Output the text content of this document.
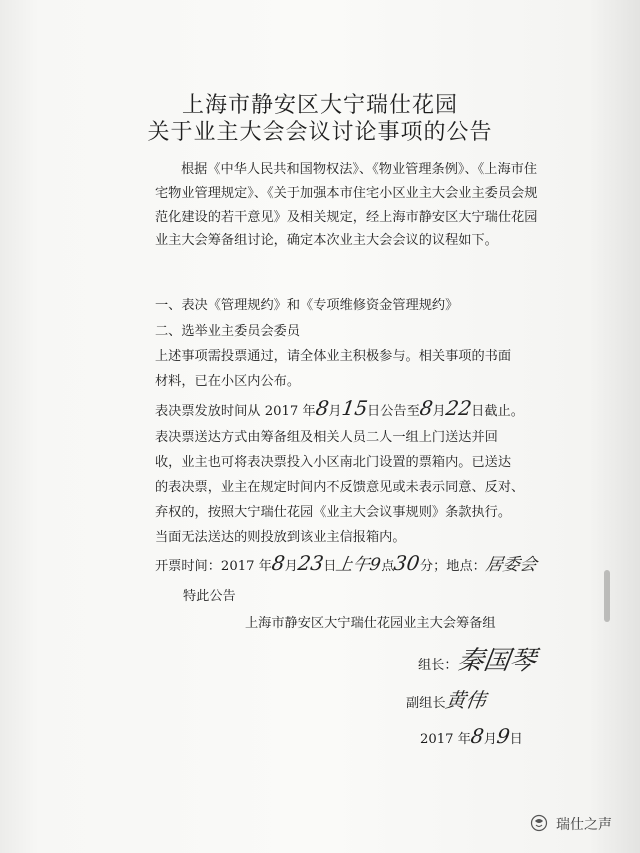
上海市静安区大宁瑞仕花园
关于业主大会会议讨论事项的公告
根据《中华人民共和国物权法》、《物业管理条例》、《上海市住宅物业管理规定》、《关于加强本市住宅小区业主大会业主委员会规范化建设的若干意见》及相关规定，经上海市静安区大宁瑞仕花园业主大会筹备组讨论，确定本次业主大会会议的议程如下。
一、表决《管理规约》和《专项维修资金管理规约》
二、选举业主委员会委员
上述事项需投票通过，请全体业主积极参与。相关事项的书面
材料，已在小区内公布。
表决票发放时间从 2017 年8月15日公告至8月22日截止。
表决票送达方式由筹备组及相关人员二人一组上门送达并回
收，业主也可将表决票投入小区南北门设置的票箱内。已送达
的表决票，业主在规定时间内不反馈意见或未表示同意、反对、
弃权的，按照大宁瑞仕花园《业主大会议事规则》条款执行。
当面无法送达的则投放到该业主信报箱内。
开票时间：2017 年8月23日上午9点30分；地点：居委会
特此公告
上海市静安区大宁瑞仕花园业主大会筹备组
组长：秦国琴
副组长黄伟
2017 年8月9日
瑞仕之声
